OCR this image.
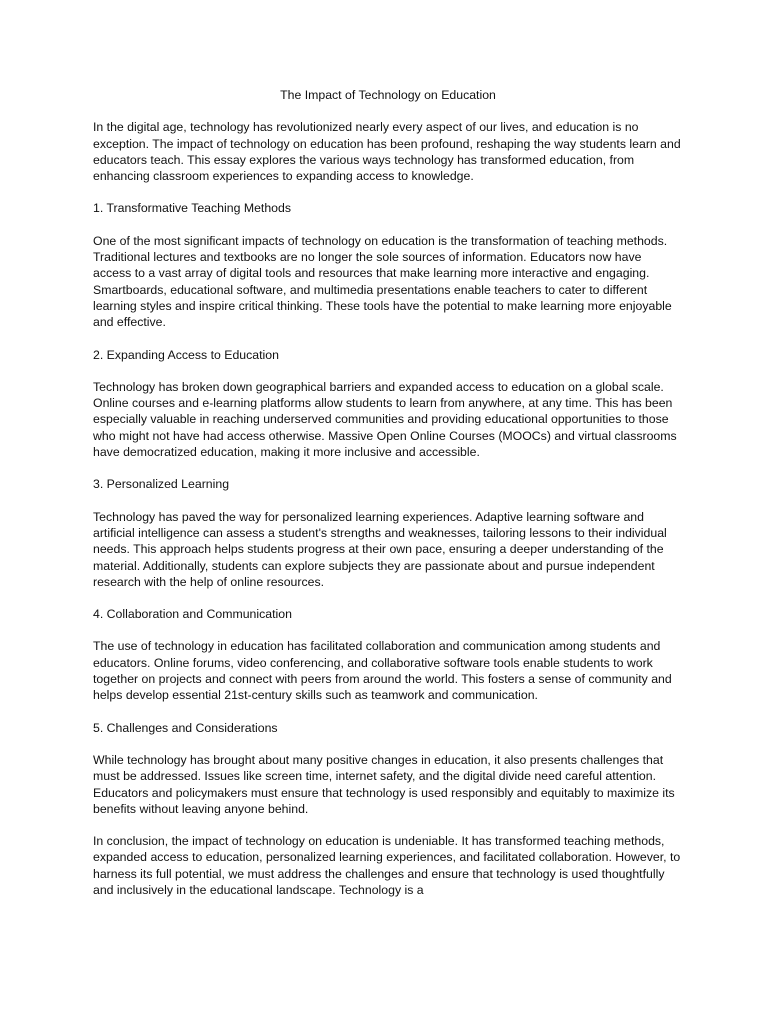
The Impact of Technology on Education

In the digital age, technology has revolutionized nearly every aspect of our lives, and education is no exception. The impact of technology on education has been profound, reshaping the way students learn and educators teach. This essay explores the various ways technology has transformed education, from enhancing classroom experiences to expanding access to knowledge.

1. Transformative Teaching Methods

One of the most significant impacts of technology on education is the transformation of teaching methods. Traditional lectures and textbooks are no longer the sole sources of information. Educators now have access to a vast array of digital tools and resources that make learning more interactive and engaging. Smartboards, educational software, and multimedia presentations enable teachers to cater to different learning styles and inspire critical thinking. These tools have the potential to make learning more enjoyable and effective.

2. Expanding Access to Education

Technology has broken down geographical barriers and expanded access to education on a global scale. Online courses and e-learning platforms allow students to learn from anywhere, at any time. This has been especially valuable in reaching underserved communities and providing educational opportunities to those who might not have had access otherwise. Massive Open Online Courses (MOOCs) and virtual classrooms have democratized education, making it more inclusive and accessible.

3. Personalized Learning

Technology has paved the way for personalized learning experiences. Adaptive learning software and artificial intelligence can assess a student's strengths and weaknesses, tailoring lessons to their individual needs. This approach helps students progress at their own pace, ensuring a deeper understanding of the material. Additionally, students can explore subjects they are passionate about and pursue independent research with the help of online resources.

4. Collaboration and Communication

The use of technology in education has facilitated collaboration and communication among students and educators. Online forums, video conferencing, and collaborative software tools enable students to work together on projects and connect with peers from around the world. This fosters a sense of community and helps develop essential 21st-century skills such as teamwork and communication.

5. Challenges and Considerations

While technology has brought about many positive changes in education, it also presents challenges that must be addressed. Issues like screen time, internet safety, and the digital divide need careful attention. Educators and policymakers must ensure that technology is used responsibly and equitably to maximize its benefits without leaving anyone behind.

In conclusion, the impact of technology on education is undeniable. It has transformed teaching methods, expanded access to education, personalized learning experiences, and facilitated collaboration. However, to harness its full potential, we must address the challenges and ensure that technology is used thoughtfully and inclusively in the educational landscape. Technology is a
